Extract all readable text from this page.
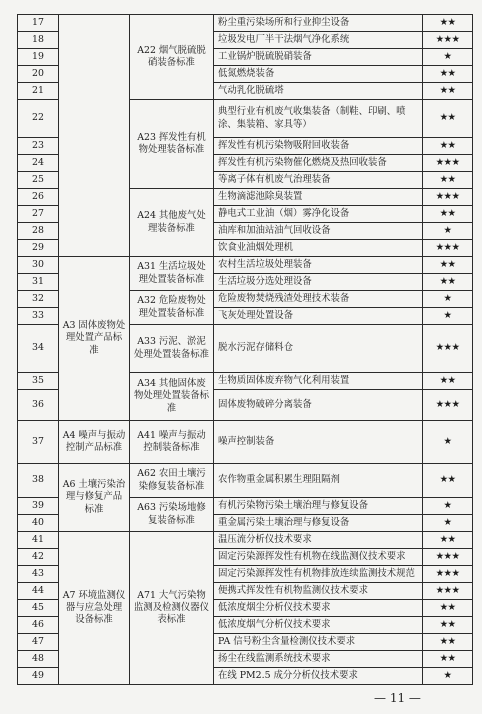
17		A22 烟气脱硫脱硝装备标准	粉尘重污染场所和行业抑尘设备	★★
18			垃圾发电厂半干法烟气净化系统	★★★
19			工业锅炉脱硫脱硝装备	★
20			低氮燃烧装备	★★
21			气动乳化脱硫塔	★★
22		A23 挥发性有机物处理装备标准	典型行业有机废气收集装备（制鞋、印刷、喷涂、集装箱、家具等）	★★
23			挥发性有机污染物吸附回收装备	★★
24			挥发性有机污染物催化燃烧及热回收装备	★★★
25			等离子体有机废气治理装备	★★
26		A24 其他废气处理装备标准	生物滴滤池除臭装置	★★★
27			静电式工业油（烟）雾净化设备	★★
28			油库和加油站油气回收设备	★
29			饮食业油烟处理机	★★★
30	A3 固体废物处理处置产品标准	A31 生活垃圾处理处置装备标准	农村生活垃圾处理装备	★★
31			生活垃圾分选处理设备	★★
32		A32 危险废物处理处置装备标准	危险废物焚烧残渣处理技术装备	★
33			飞灰处理处置设备	★
34		A33 污泥、淤泥处理处置装备标准	脱水污泥存储料仓	★★★
35		A34 其他固体废物处理处置装备标准	生物质固体废弃物气化利用装置	★★
36			固体废物破碎分离装备	★★★
37	A4 噪声与振动控制产品标准	A41 噪声与振动控制装备标准	噪声控制装备	★
38	A6 土壤污染治理与修复产品标准	A62 农田土壤污染修复装备标准	农作物重金属积累生理阻隔剂	★★
39		A63 污染场地修复装备标准	有机污染物污染土壤治理与修复设备	★
40			重金属污染土壤治理与修复设备	★
41	A7 环境监测仪器与应急处理设备标准	A71 大气污染物监测及检测仪器仪表标准	温压流分析仪技术要求	★★
42			固定污染源挥发性有机物在线监测仪技术要求	★★★
43			固定污染源挥发性有机物排放连续监测技术规范	★★★
44			便携式挥发性有机物监测仪技术要求	★★★
45			低浓度烟尘分析仪技术要求	★★
46			低浓度烟气分析仪技术要求	★★
47			PA 信号粉尘含量检测仪技术要求	★★
48			扬尘在线监测系统技术要求	★★
49			在线 PM2.5 成分分析仪技术要求	★
— 11 —
